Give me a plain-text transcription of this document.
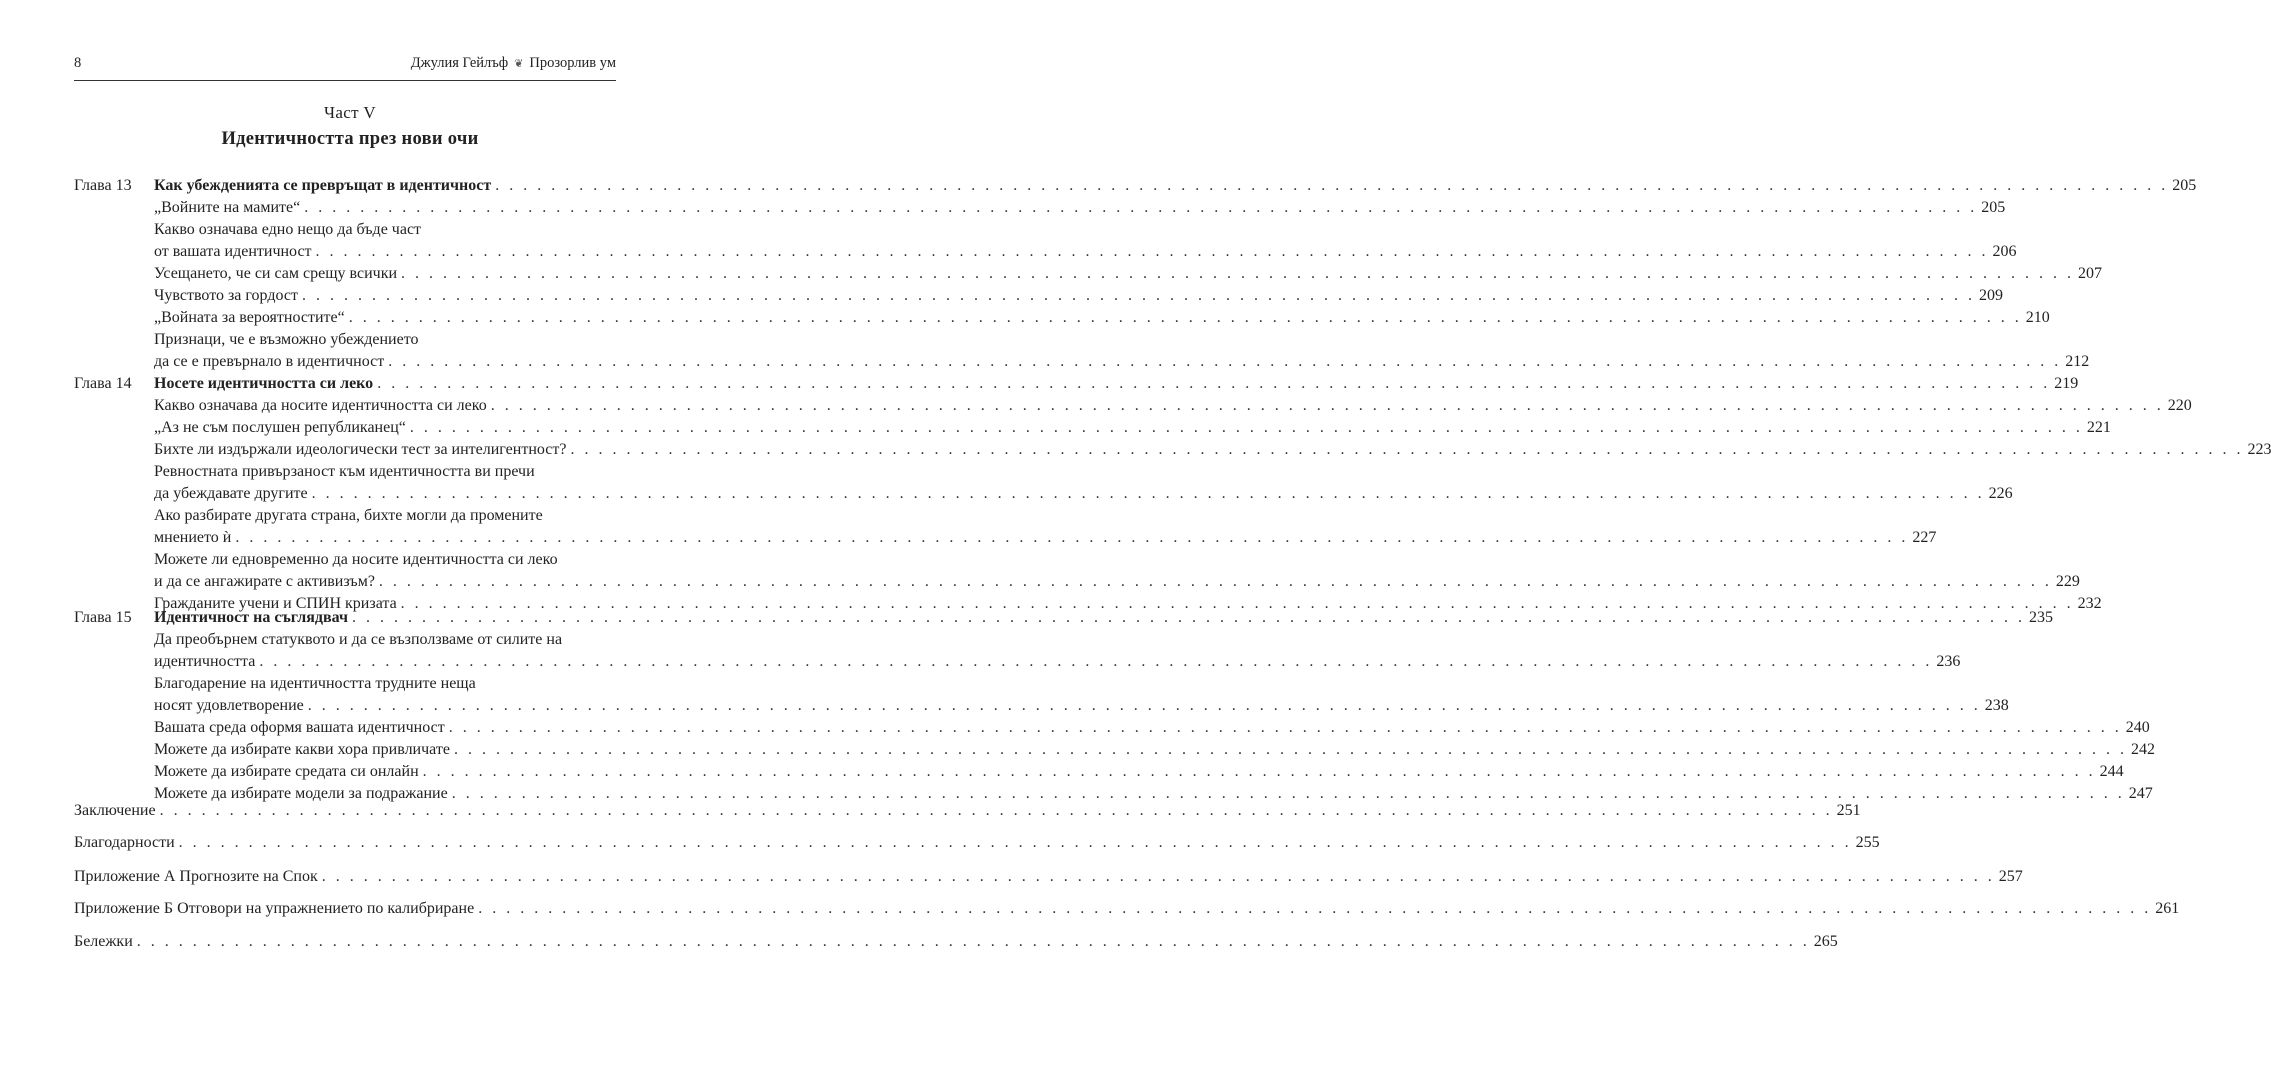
8	Джулия Гейлъф ❦ Прозорлив ум
Част V
Идентичността през нови очи
Глава 13 Как убежденията се превръщат в идентичност . . . . . . . . . . . . . . . . . . . . . . . . . . . . . . . . . . . . . . . . . . . . . . . . . . . . . . . . . . . . . . . . . . . . . . . . . . . . . . . . . . . . . . . . . . . . . . . . . . . . . . . . . . . . . . . . . . . . . . . . 205
„Войните на мамите“ . . . . . . . . . . . . . . . . . . . . . . . . . . . . . . . . . . . . . . . . . . . . . . . . . . . . . . . . . . . . . . . . . . . . . . . . . . . . . . . . . . . . . . . . . . . . . . . . . . . . . . . . . . . . . . . . . . . . . . . . 205
Какво означава едно нещо да бъде част
от вашата идентичност . . . . . . . . . . . . . . . . . . . . . . . . . . . . . . . . . . . . . . . . . . . . . . . . . . . . . . . . . . . . . . . . . . . . . . . . . . . . . . . . . . . . . . . . . . . . . . . . . . . . . . . . . . . . . . . . . . . . . . . . 206
Усещането, че си сам срещу всички . . . . . . . . . . . . . . . . . . . . . . . . . . . . . . . . . . . . . . . . . . . . . . . . . . . . . . . . . . . . . . . . . . . . . . . . . . . . . . . . . . . . . . . . . . . . . . . . . . . . . . . . . . . . . . . . . . . . . . . . 207
Чувството за гордост . . . . . . . . . . . . . . . . . . . . . . . . . . . . . . . . . . . . . . . . . . . . . . . . . . . . . . . . . . . . . . . . . . . . . . . . . . . . . . . . . . . . . . . . . . . . . . . . . . . . . . . . . . . . . . . . . . . . . . . . 209
„Войната за вероятностите“ . . . . . . . . . . . . . . . . . . . . . . . . . . . . . . . . . . . . . . . . . . . . . . . . . . . . . . . . . . . . . . . . . . . . . . . . . . . . . . . . . . . . . . . . . . . . . . . . . . . . . . . . . . . . . . . . . . . . . . . . 210
Признаци, че е възможно убеждението
да се е превърнало в идентичност . . . . . . . . . . . . . . . . . . . . . . . . . . . . . . . . . . . . . . . . . . . . . . . . . . . . . . . . . . . . . . . . . . . . . . . . . . . . . . . . . . . . . . . . . . . . . . . . . . . . . . . . . . . . . . . . . . . . . . . . 212
Глава 14 Носете идентичността си леко . . . . . . . . . . . . . . . . . . . . . . . . . . . . . . . . . . . . . . . . . . . . . . . . . . . . . . . . . . . . . . . . . . . . . . . . . . . . . . . . . . . . . . . . . . . . . . . . . . . . . . . . . . . . . . . . . . . . . . . . 219
Какво означава да носите идентичността си леко . . . . . . . . . . . . . . . . . . . . . . . . . . . . . . . . . . . . . . . . . . . . . . . . . . . . . . . . . . . . . . . . . . . . . . . . . . . . . . . . . . . . . . . . . . . . . . . . . . . . . . . . . . . . . . . . . . . . . . . . 220
„Аз не съм послушен републиканец“ . . . . . . . . . . . . . . . . . . . . . . . . . . . . . . . . . . . . . . . . . . . . . . . . . . . . . . . . . . . . . . . . . . . . . . . . . . . . . . . . . . . . . . . . . . . . . . . . . . . . . . . . . . . . . . . . . . . . . . . . 221
Бихте ли издържали идеологически тест за интелигентност? . . . . . . . . . . . . . . . . . . . . . . . . . . . . . . . . . . . . . . . . . . . . . . . . . . . . . . . . . . . . . . . . . . . . . . . . . . . . . . . . . . . . . . . . . . . . . . . . . . . . . . . . . . . . . . . . . . . . . . . . 223
Ревностната привързаност към идентичността ви пречи
да убеждавате другите . . . . . . . . . . . . . . . . . . . . . . . . . . . . . . . . . . . . . . . . . . . . . . . . . . . . . . . . . . . . . . . . . . . . . . . . . . . . . . . . . . . . . . . . . . . . . . . . . . . . . . . . . . . . . . . . . . . . . . . . 226
Ако разбирате другата страна, бихте могли да промените
мнението ѝ . . . . . . . . . . . . . . . . . . . . . . . . . . . . . . . . . . . . . . . . . . . . . . . . . . . . . . . . . . . . . . . . . . . . . . . . . . . . . . . . . . . . . . . . . . . . . . . . . . . . . . . . . . . . . . . . . . . . . . . . 227
Можете ли едновременно да носите идентичността си леко
и да се ангажирате с активизъм? . . . . . . . . . . . . . . . . . . . . . . . . . . . . . . . . . . . . . . . . . . . . . . . . . . . . . . . . . . . . . . . . . . . . . . . . . . . . . . . . . . . . . . . . . . . . . . . . . . . . . . . . . . . . . . . . . . . . . . . . 229
Гражданите учени и СПИН кризата . . . . . . . . . . . . . . . . . . . . . . . . . . . . . . . . . . . . . . . . . . . . . . . . . . . . . . . . . . . . . . . . . . . . . . . . . . . . . . . . . . . . . . . . . . . . . . . . . . . . . . . . . . . . . . . . . . . . . . . . 232
Глава 15 Идентичност на съглядвач . . . . . . . . . . . . . . . . . . . . . . . . . . . . . . . . . . . . . . . . . . . . . . . . . . . . . . . . . . . . . . . . . . . . . . . . . . . . . . . . . . . . . . . . . . . . . . . . . . . . . . . . . . . . . . . . . . . . . . . . 235
Да преобърнем статуквото и да се възползваме от силите на
идентичността . . . . . . . . . . . . . . . . . . . . . . . . . . . . . . . . . . . . . . . . . . . . . . . . . . . . . . . . . . . . . . . . . . . . . . . . . . . . . . . . . . . . . . . . . . . . . . . . . . . . . . . . . . . . . . . . . . . . . . . . 236
Благодарение на идентичността трудните неща
носят удовлетворение . . . . . . . . . . . . . . . . . . . . . . . . . . . . . . . . . . . . . . . . . . . . . . . . . . . . . . . . . . . . . . . . . . . . . . . . . . . . . . . . . . . . . . . . . . . . . . . . . . . . . . . . . . . . . . . . . . . . . . . . 238
Вашата среда оформя вашата идентичност . . . . . . . . . . . . . . . . . . . . . . . . . . . . . . . . . . . . . . . . . . . . . . . . . . . . . . . . . . . . . . . . . . . . . . . . . . . . . . . . . . . . . . . . . . . . . . . . . . . . . . . . . . . . . . . . . . . . . . . . 240
Можете да избирате какви хора привличате . . . . . . . . . . . . . . . . . . . . . . . . . . . . . . . . . . . . . . . . . . . . . . . . . . . . . . . . . . . . . . . . . . . . . . . . . . . . . . . . . . . . . . . . . . . . . . . . . . . . . . . . . . . . . . . . . . . . . . . . 242
Можете да избирате средата си онлайн . . . . . . . . . . . . . . . . . . . . . . . . . . . . . . . . . . . . . . . . . . . . . . . . . . . . . . . . . . . . . . . . . . . . . . . . . . . . . . . . . . . . . . . . . . . . . . . . . . . . . . . . . . . . . . . . . . . . . . . . 244
Можете да избирате модели за подражание . . . . . . . . . . . . . . . . . . . . . . . . . . . . . . . . . . . . . . . . . . . . . . . . . . . . . . . . . . . . . . . . . . . . . . . . . . . . . . . . . . . . . . . . . . . . . . . . . . . . . . . . . . . . . . . . . . . . . . . . 247
Заключение . . . . . . . . . . . . . . . . . . . . . . . . . . . . . . . . . . . . . . . . . . . . . . . . . . . . . . . . . . . . . . . . . . . . . . . . . . . . . . . . . . . . . . . . . . . . . . . . . . . . . . . . . . . . . . . . . . . . . . . . 251
Благодарности . . . . . . . . . . . . . . . . . . . . . . . . . . . . . . . . . . . . . . . . . . . . . . . . . . . . . . . . . . . . . . . . . . . . . . . . . . . . . . . . . . . . . . . . . . . . . . . . . . . . . . . . . . . . . . . . . . . . . . . . 255
Приложение А Прогнозите на Спок . . . . . . . . . . . . . . . . . . . . . . . . . . . . . . . . . . . . . . . . . . . . . . . . . . . . . . . . . . . . . . . . . . . . . . . . . . . . . . . . . . . . . . . . . . . . . . . . . . . . . . . . . . . . . . . . . . . . . . . . 257
Приложение Б Отговори на упражнението по калибриране . . . . . . . . . . . . . . . . . . . . . . . . . . . . . . . . . . . . . . . . . . . . . . . . . . . . . . . . . . . . . . . . . . . . . . . . . . . . . . . . . . . . . . . . . . . . . . . . . . . . . . . . . . . . . . . . . . . . . . . . 261
Бележки . . . . . . . . . . . . . . . . . . . . . . . . . . . . . . . . . . . . . . . . . . . . . . . . . . . . . . . . . . . . . . . . . . . . . . . . . . . . . . . . . . . . . . . . . . . . . . . . . . . . . . . . . . . . . . . . . . . . . . . . 265
